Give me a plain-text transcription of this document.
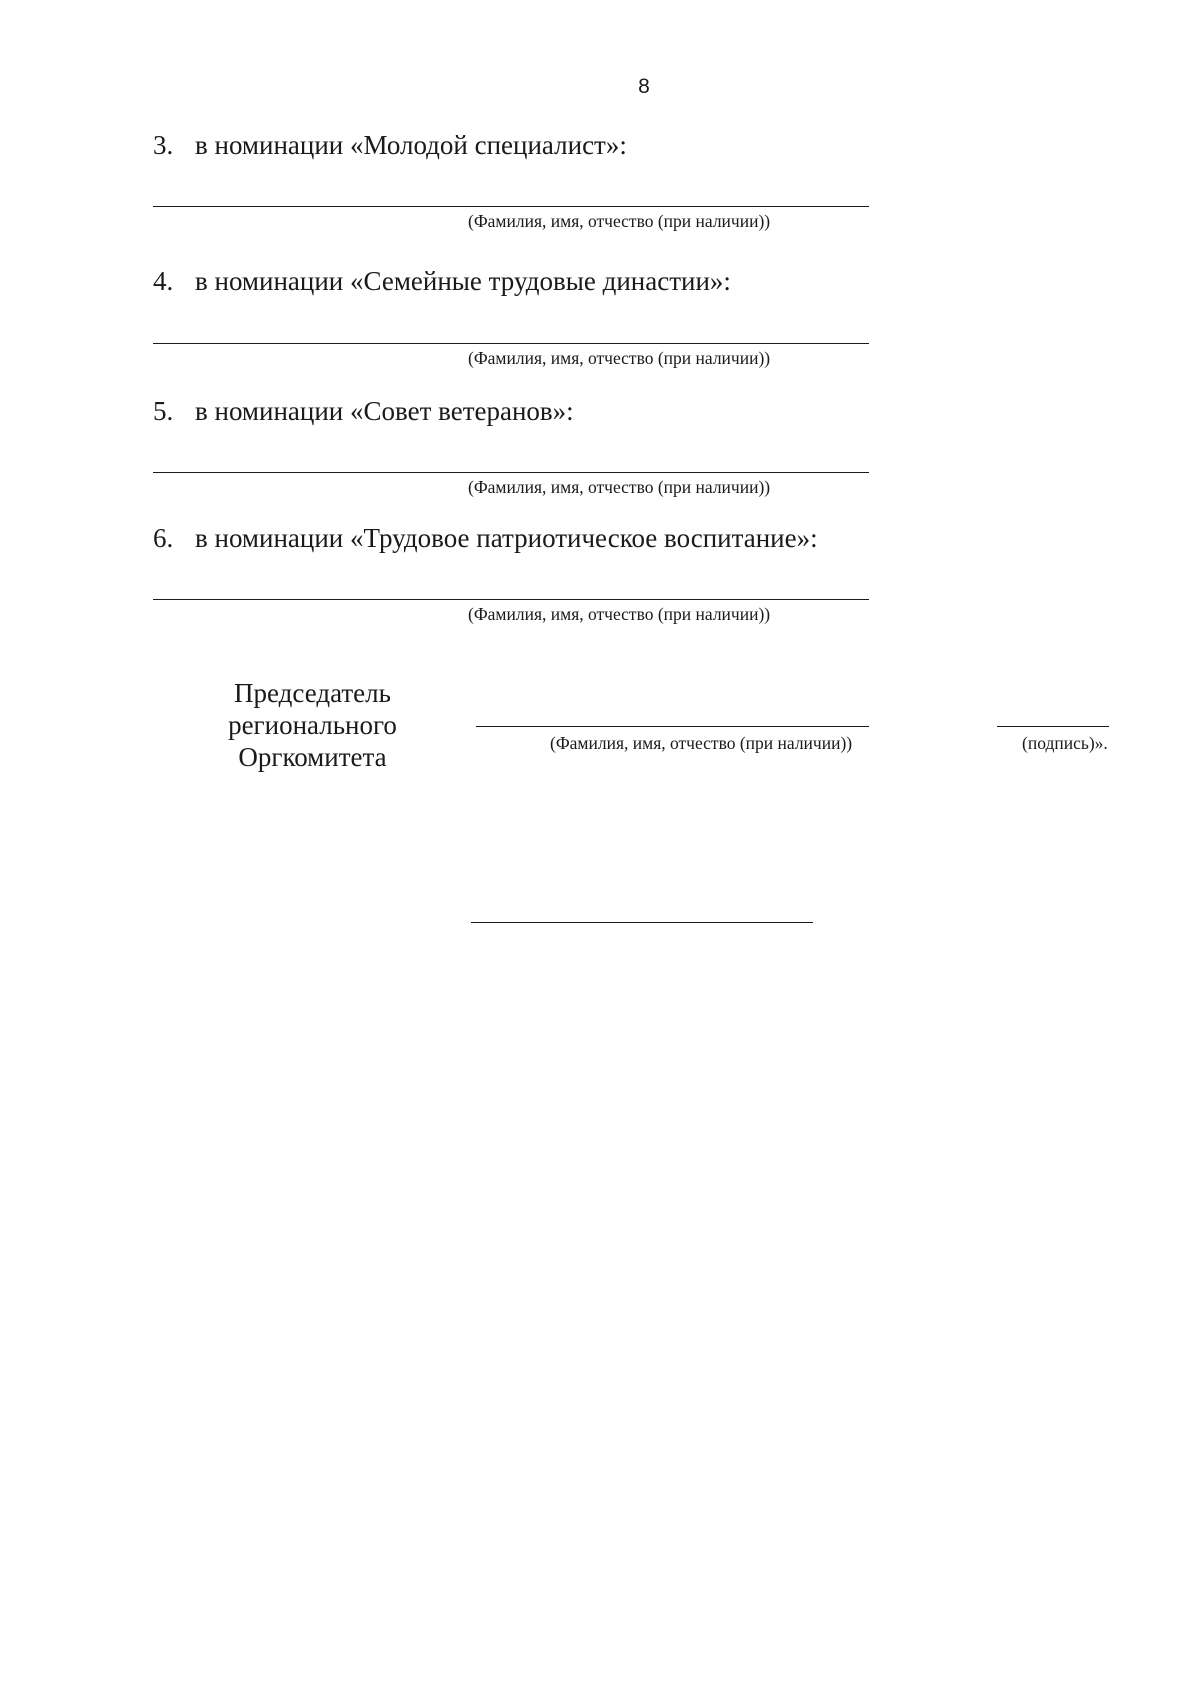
8
3. в номинации «Молодой специалист»:
(Фамилия, имя, отчество (при наличии))
4. в номинации «Семейные трудовые династии»:
(Фамилия, имя, отчество (при наличии))
5. в номинации «Совет ветеранов»:
(Фамилия, имя, отчество (при наличии))
6. в номинации «Трудовое патриотическое воспитание»:
(Фамилия, имя, отчество (при наличии))
Председатель
регионального
Оргкомитета	(Фамилия, имя, отчество (при наличии))	(подпись)».
